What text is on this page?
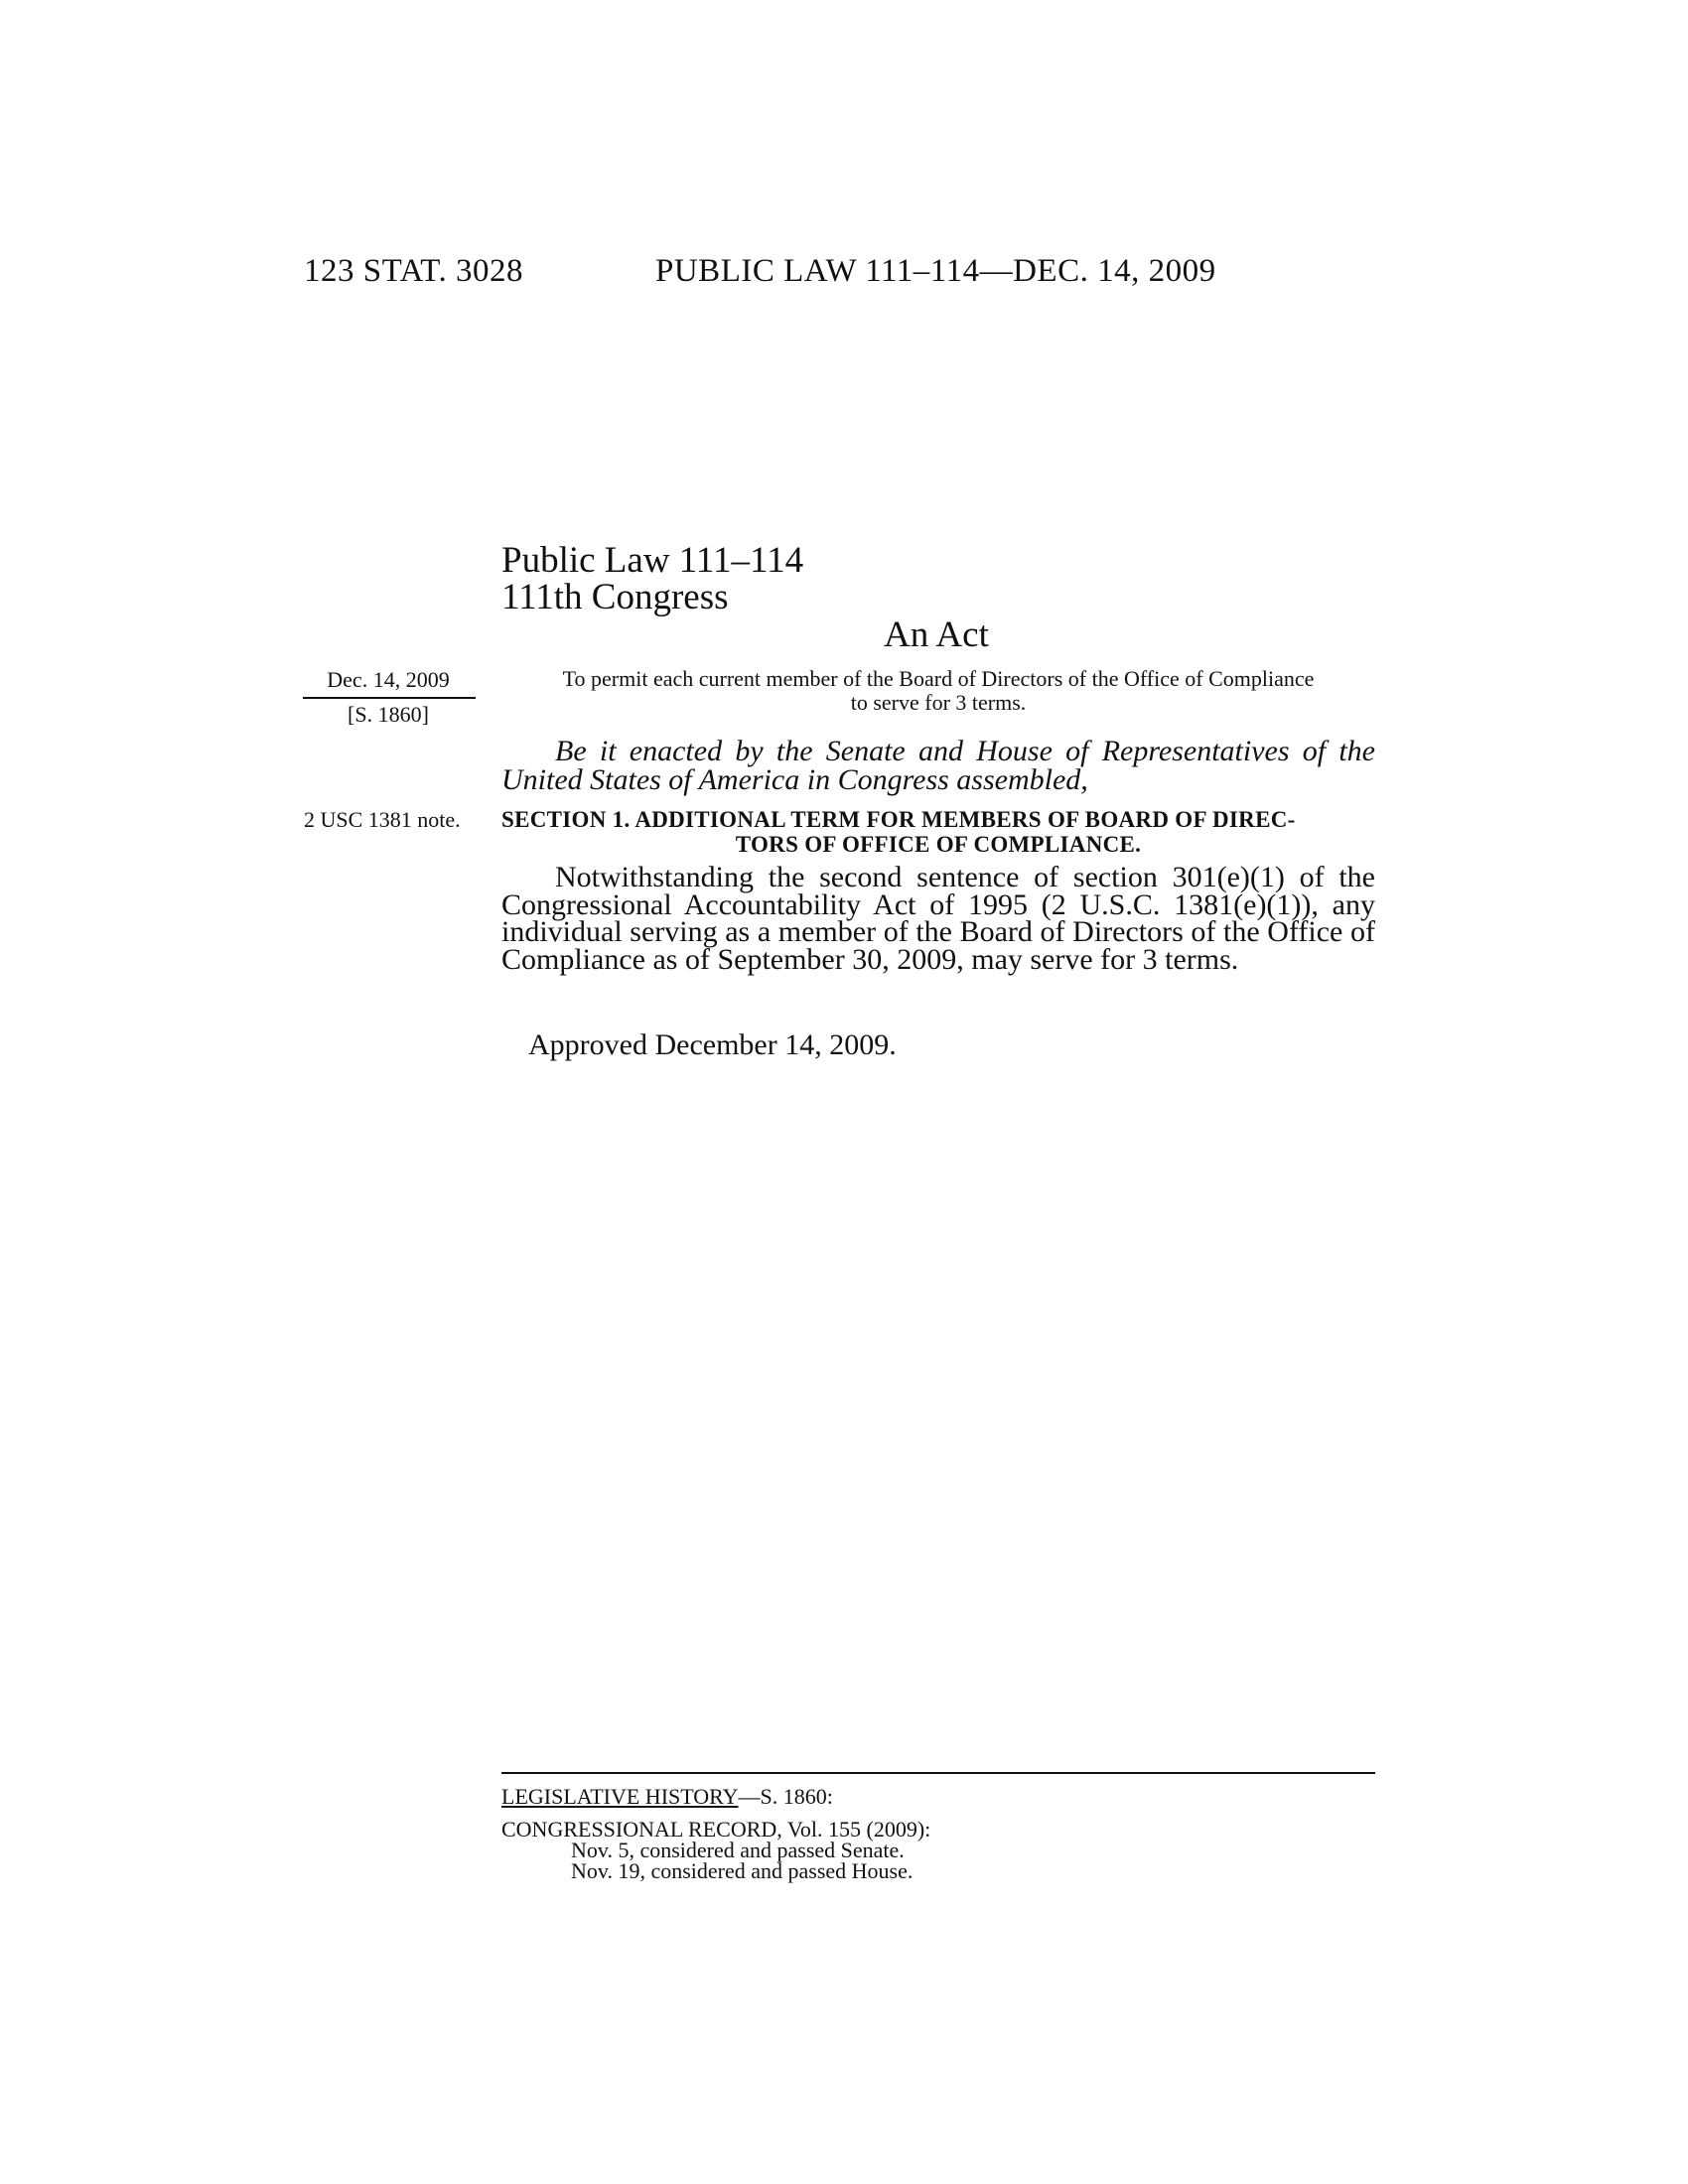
123 STAT. 3028	PUBLIC LAW 111–114—DEC. 14, 2009
Public Law 111–114
111th Congress
An Act
Dec. 14, 2009
[S. 1860]
2 USC 1381 note.
To permit each current member of the Board of Directors of the Office of Compliance
to serve for 3 terms.
Be it enacted by the Senate and House of Representatives of the United States of America in Congress assembled,
SECTION 1. ADDITIONAL TERM FOR MEMBERS OF BOARD OF DIREC-
TORS OF OFFICE OF COMPLIANCE.
Notwithstanding the second sentence of section 301(e)(1) of the Congressional Accountability Act of 1995 (2 U.S.C. 1381(e)(1)), any individual serving as a member of the Board of Directors of the Office of Compliance as of September 30, 2009, may serve for 3 terms.
Approved December 14, 2009.
LEGISLATIVE HISTORY—S. 1860:
CONGRESSIONAL RECORD, Vol. 155 (2009):
Nov. 5, considered and passed Senate.
Nov. 19, considered and passed House.
